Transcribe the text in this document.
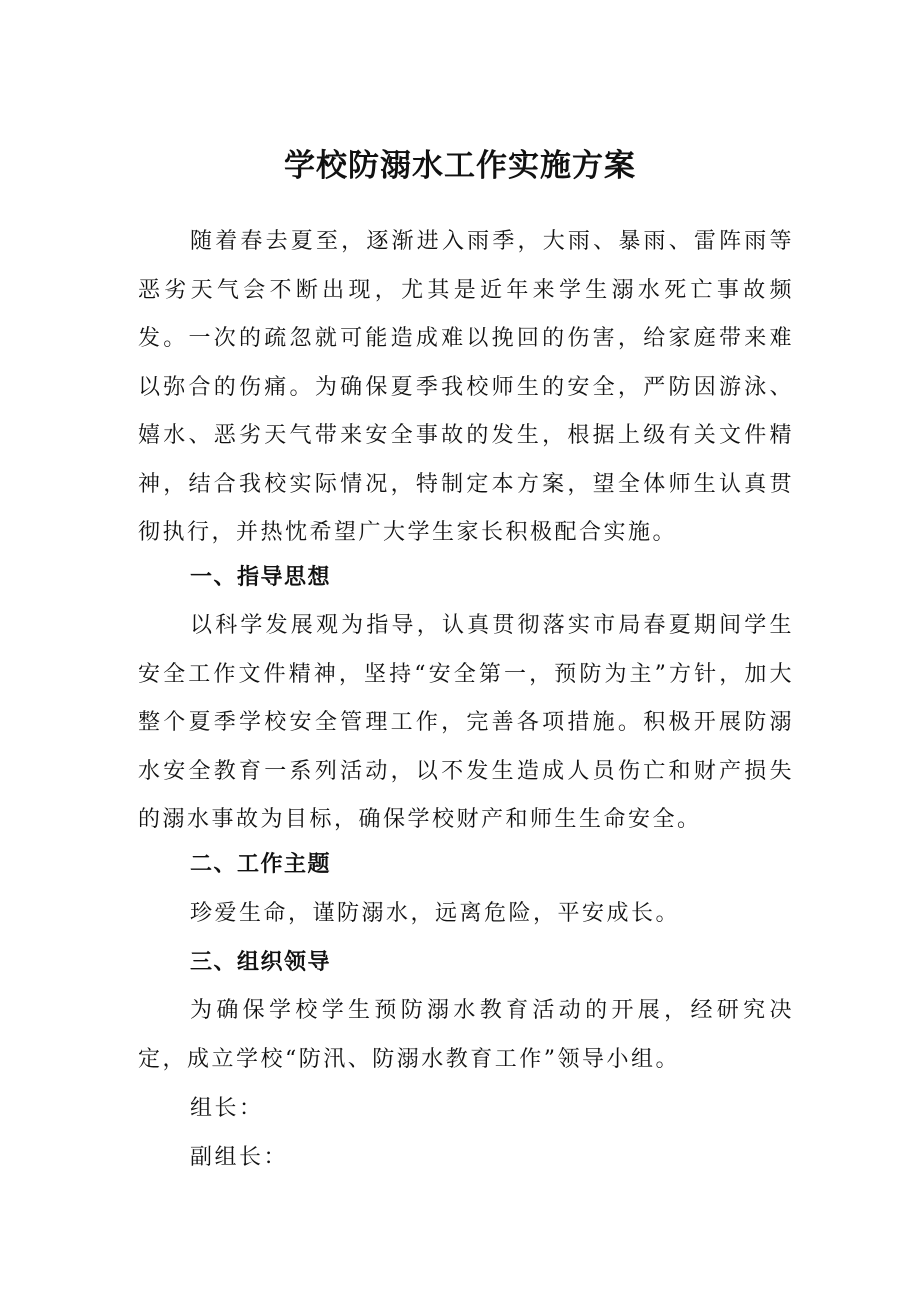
学校防溺水工作实施方案

随着春去夏至，逐渐进入雨季，大雨、暴雨、雷阵雨等恶劣天气会不断出现，尤其是近年来学生溺水死亡事故频发。一次的疏忽就可能造成难以挽回的伤害，给家庭带来难以弥合的伤痛。为确保夏季我校师生的安全，严防因游泳、嬉水、恶劣天气带来安全事故的发生，根据上级有关文件精神，结合我校实际情况，特制定本方案，望全体师生认真贯彻执行，并热忱希望广大学生家长积极配合实施。

一、指导思想

以科学发展观为指导，认真贯彻落实市局春夏期间学生安全工作文件精神，坚持“安全第一，预防为主”方针，加大整个夏季学校安全管理工作，完善各项措施。积极开展防溺水安全教育一系列活动，以不发生造成人员伤亡和财产损失的溺水事故为目标，确保学校财产和师生生命安全。

二、工作主题

珍爱生命，谨防溺水，远离危险，平安成长。

三、组织领导

为确保学校学生预防溺水教育活动的开展，经研究决定，成立学校“防汛、防溺水教育工作”领导小组。

组长：

副组长：
